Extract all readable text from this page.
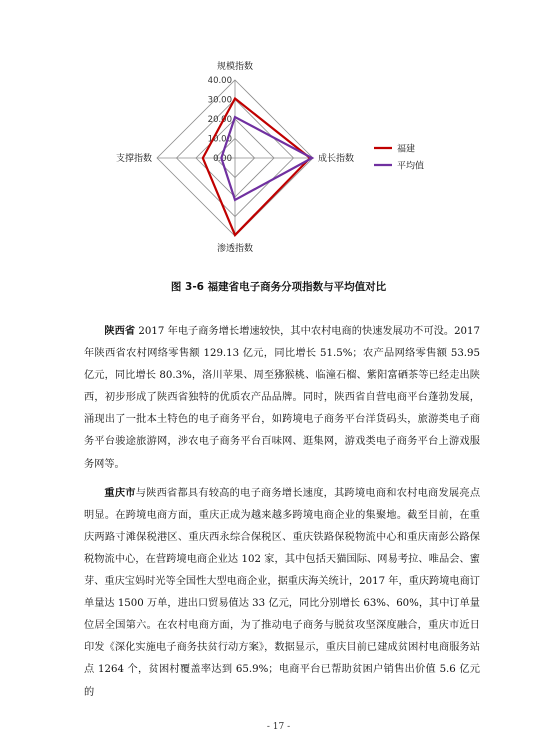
40.00
30.00
20.00
10.00
0.00
规模指数
成长指数
渗透指数
支撑指数
福建
平均值
图 3-6 福建省电子商务分项指数与平均值对比

陕西省 2017 年电子商务增长增速较快，其中农村电商的快速发展功不可没。2017 年陕西省农村网络零售额 129.13 亿元，同比增长 51.5%；农产品网络零售额 53.95 亿元，同比增长 80.3%，洛川苹果、周至猕猴桃、临潼石榴、紫阳富硒茶等已经走出陕西，初步形成了陕西省独特的优质农产品品牌。同时，陕西省自营电商平台蓬勃发展，涌现出了一批本土特色的电子商务平台，如跨境电子商务平台洋货码头，旅游类电子商务平台骏途旅游网，涉农电子商务平台百味网、逛集网，游戏类电子商务平台上游戏服务网等。

重庆市与陕西省都具有较高的电子商务增长速度，其跨境电商和农村电商发展亮点明显。在跨境电商方面，重庆正成为越来越多跨境电商企业的集聚地。截至目前，在重庆两路寸滩保税港区、重庆西永综合保税区、重庆铁路保税物流中心和重庆南彭公路保税物流中心，在营跨境电商企业达 102 家，其中包括天猫国际、网易考拉、唯品会、蜜芽、重庆宝妈时光等全国性大型电商企业，据重庆海关统计，2017 年，重庆跨境电商订单量达 1500 万单，进出口贸易值达 33 亿元，同比分别增长 63%、60%，其中订单量位居全国第六。在农村电商方面，为了推动电子商务与脱贫攻坚深度融合，重庆市近日印发《深化实施电子商务扶贫行动方案》，数据显示，重庆目前已建成贫困村电商服务站点 1264 个，贫困村覆盖率达到 65.9%；电商平台已帮助贫困户销售出价值 5.6 亿元的

- 17 -
